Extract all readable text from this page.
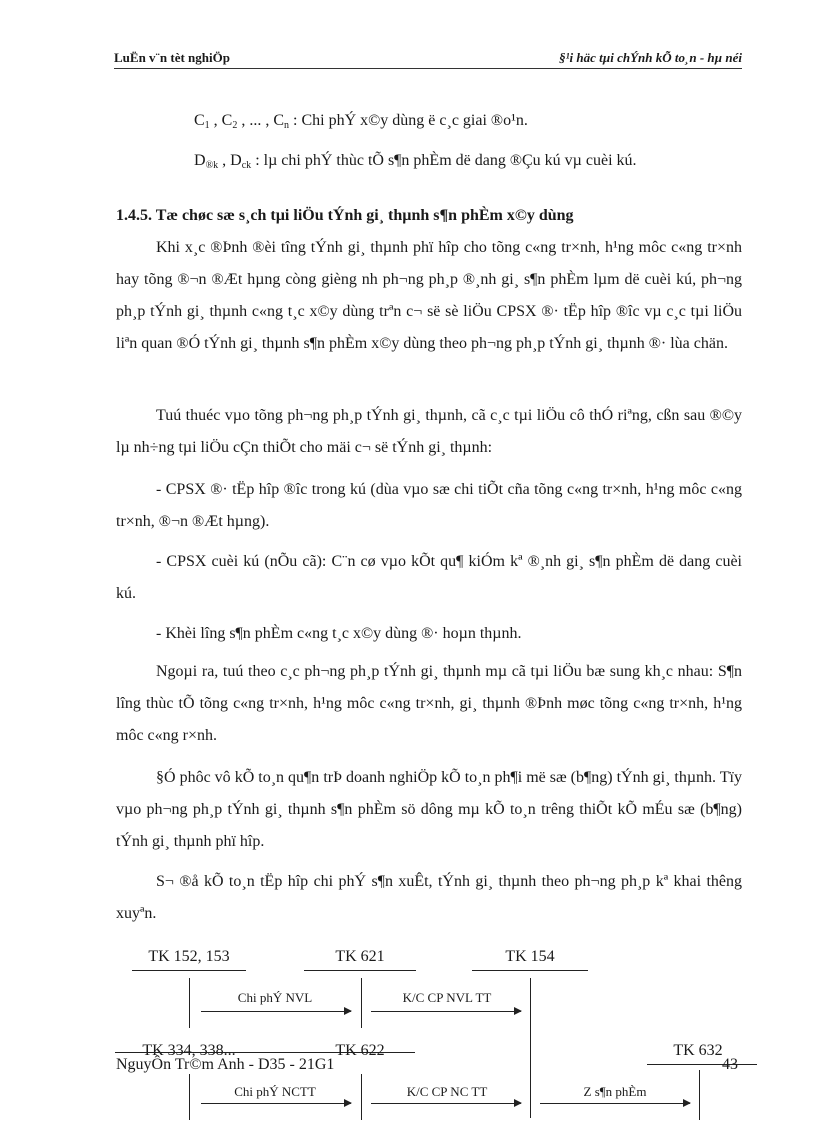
LuËn v¨n tèt nghiÖp	§¹i häc tµi chÝnh kÕ to¸n - hµ néi
$C_1$ , $C_2$ , ... , $C_n$ : Chi phÝ x©y dùng ë c¸c giai ®o¹n.
$D_{®k}$ , $D_{ck}$ : lµ chi phÝ thùc tÕ s¶n phÈm dë dang ®Çu kú vµ cuèi kú.

1.4.5. Tæ chøc sæ s¸ch tµi liÖu tÝnh gi¸ thµnh s¶n phÈm x©y dùng

Khi x¸c ®Þnh ®èi tîng tÝnh gi¸ thµnh phï hîp cho tõng c«ng tr×nh, h¹ng môc c«ng tr×nh hay tõng ®¬n ®Æt hµng còng gièng nh ph¬ng ph¸p ®¸nh gi¸ s¶n phÈm lµm dë cuèi kú, ph¬ng ph¸p tÝnh gi¸ thµnh c«ng t¸c x©y dùng trªn c¬ së sè liÖu CPSX ®· tËp hîp ®îc vµ c¸c tµi liÖu liªn quan ®Ó tÝnh gi¸ thµnh s¶n phÈm x©y dùng theo ph¬ng ph¸p tÝnh gi¸ thµnh ®· lùa chän.

Tuú thuéc vµo tõng ph¬ng ph¸p tÝnh gi¸ thµnh, cã c¸c tµi liÖu cô thÓ riªng, cßn sau ®©y lµ nh÷ng tµi liÖu cÇn thiÕt cho mäi c¬ së tÝnh gi¸ thµnh:

- CPSX ®· tËp hîp ®îc trong kú (dùa vµo sæ chi tiÕt cña tõng c«ng tr×nh, h¹ng môc c«ng tr×nh, ®¬n ®Æt hµng).

- CPSX cuèi kú (nÕu cã): C¨n cø vµo kÕt qu¶ kiÓm kª ®¸nh gi¸ s¶n phÈm dë dang cuèi kú.

- Khèi lîng s¶n phÈm c«ng t¸c x©y dùng ®· hoµn thµnh.

Ngoµi ra, tuú theo c¸c ph¬ng ph¸p tÝnh gi¸ thµnh mµ cã tµi liÖu bæ sung kh¸c nhau: S¶n lîng thùc tÕ tõng c«ng tr×nh, h¹ng môc c«ng tr×nh, gi¸ thµnh ®Þnh møc tõng c«ng tr×nh, h¹ng môc c«ng r×nh.

§Ó phôc vô kÕ to¸n qu¶n trÞ doanh nghiÖp kÕ to¸n ph¶i më sæ (b¶ng) tÝnh gi¸ thµnh. Tïy vµo ph¬ng ph¸p tÝnh gi¸ thµnh s¶n phÈm sö dông mµ kÕ to¸n trêng thiÕt kÕ mÉu sæ (b¶ng) tÝnh gi¸ thµnh phï hîp.

S¬ ®å kÕ to¸n tËp hîp chi phÝ s¶n xuÊt, tÝnh gi¸ thµnh theo ph¬ng ph¸p kª khai thêng xuyªn.

TK 152, 153	TK 621	TK 154
Chi phÝ NVL	K/C CP NVL TT
TK 334, 338...	TK 622	TK 632
NguyÔn Tr©m Anh - D35 - 21G1	43
Chi phÝ NCTT	K/C CP NC TT	Z s¶n phÈm
